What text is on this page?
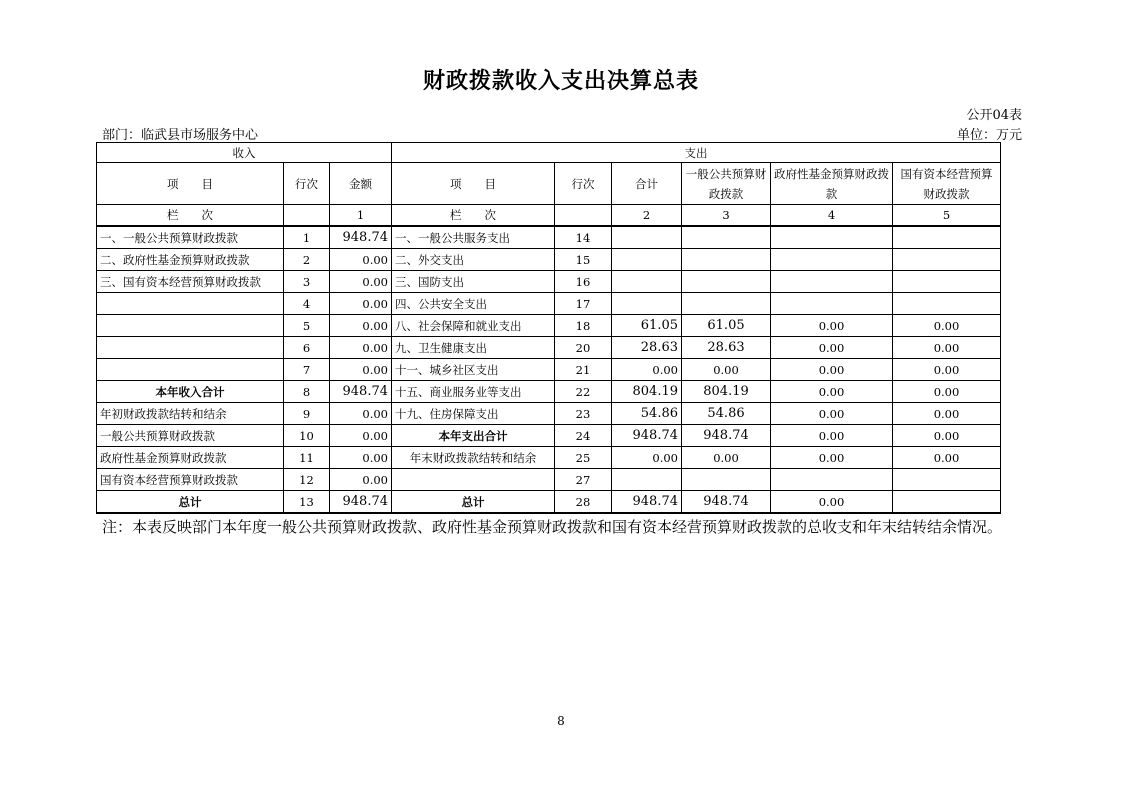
财政拨款收入支出决算总表
公开04表
部门：临武县市场服务中心	单位：万元
收入			支出					
项　　目	行次	金额	项　　目	行次	合计	一般公共预算财政拨款	政府性基金预算财政拨款	国有资本经营预算财政拨款
栏　　次		1	栏　　次		2	3	4	5
一、一般公共预算财政拨款	1	948.74	一、一般公共服务支出	14				
二、政府性基金预算财政拨款	2	0.00	二、外交支出	15				
三、国有资本经营预算财政拨款	3	0.00	三、国防支出	16				
	4	0.00	四、公共安全支出	17				
	5	0.00	八、社会保障和就业支出	18	61.05	61.05	0.00	0.00
	6	0.00	九、卫生健康支出	20	28.63	28.63	0.00	0.00
	7	0.00	十一、城乡社区支出	21	0.00	0.00	0.00	0.00
本年收入合计	8	948.74	十五、商业服务业等支出	22	804.19	804.19	0.00	0.00
年初财政拨款结转和结余	9	0.00	十九、住房保障支出	23	54.86	54.86	0.00	0.00
一般公共预算财政拨款	10	0.00	本年支出合计	24	948.74	948.74	0.00	0.00
政府性基金预算财政拨款	11	0.00	年末财政拨款结转和结余	25	0.00	0.00	0.00	0.00
国有资本经营预算财政拨款	12	0.00		27				
总计	13	948.74	总计	28	948.74	948.74	0.00	
注：本表反映部门本年度一般公共预算财政拨款、政府性基金预算财政拨款和国有资本经营预算财政拨款的总收支和年末结转结余情况。
8
